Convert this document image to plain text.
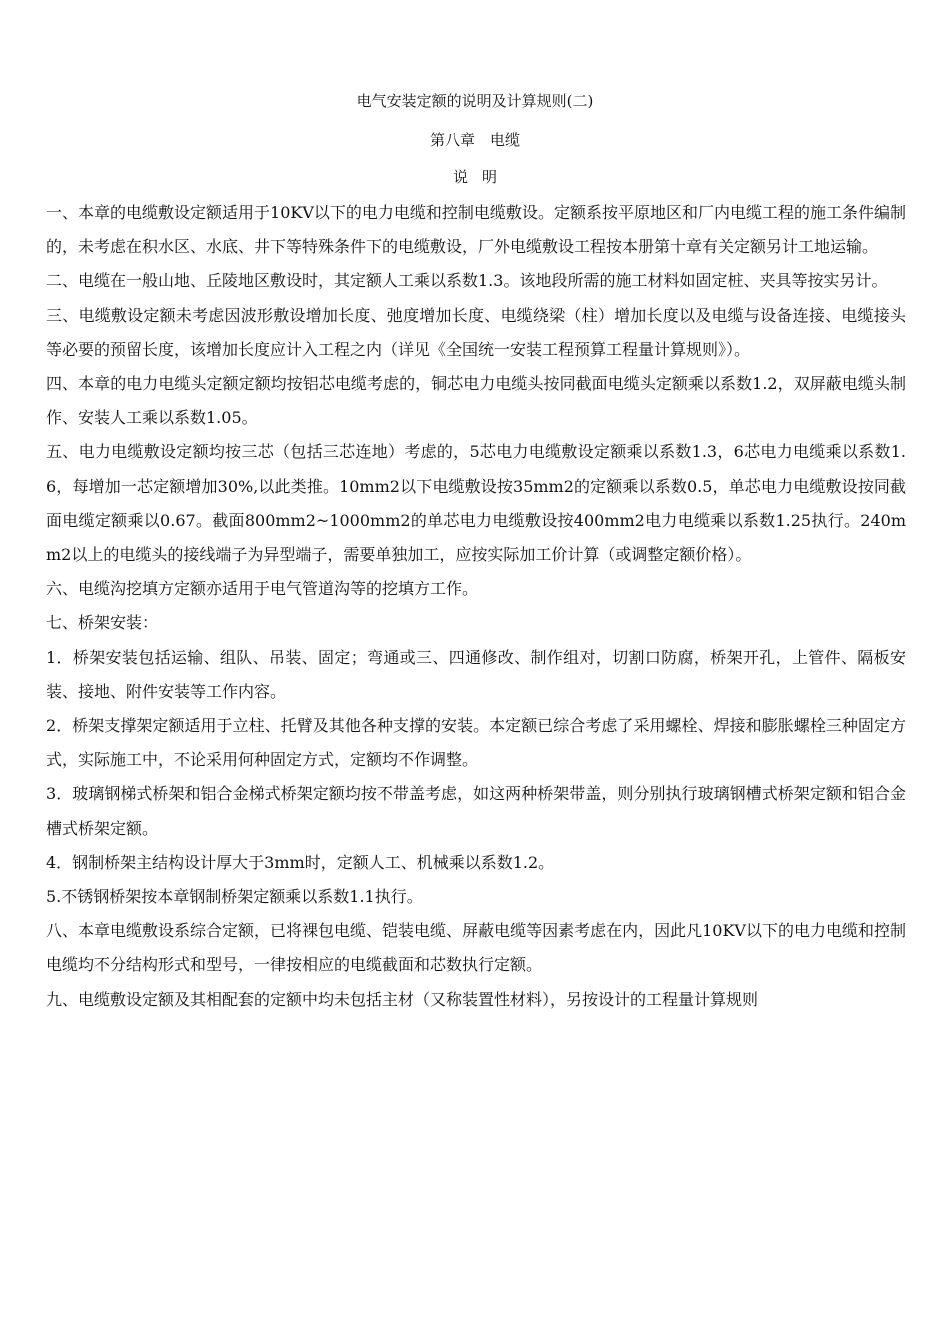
电气安装定额的说明及计算规则(二)
第八章　电缆
说明

一、本章的电缆敷设定额适用于10KV以下的电力电缆和控制电缆敷设。定额系按平原地区和厂内电缆工程的施工条件编制的，未考虑在积水区、水底、井下等特殊条件下的电缆敷设，厂外电缆敷设工程按本册第十章有关定额另计工地运输。

二、电缆在一般山地、丘陵地区敷设时，其定额人工乘以系数1.3。该地段所需的施工材料如固定桩、夹具等按实另计。

三、电缆敷设定额未考虑因波形敷设增加长度、弛度增加长度、电缆绕梁（柱）增加长度以及电缆与设备连接、电缆接头等必要的预留长度，该增加长度应计入工程之内（详见《全国统一安装工程预算工程量计算规则》）。

四、本章的电力电缆头定额定额均按铝芯电缆考虑的，铜芯电力电缆头按同截面电缆头定额乘以系数1.2，双屏蔽电缆头制作、安装人工乘以系数1.05。

五、电力电缆敷设定额均按三芯（包括三芯连地）考虑的，5芯电力电缆敷设定额乘以系数1.3，6芯电力电缆乘以系数1.6，每增加一芯定额增加30%,以此类推。10mm2以下电缆敷设按35mm2的定额乘以系数0.5，单芯电力电缆敷设按同截面电缆定额乘以0.67。截面800mm2~1000mm2的单芯电力电缆敷设按400mm2电力电缆乘以系数1.25执行。240mm2以上的电缆头的接线端子为异型端子，需要单独加工，应按实际加工价计算（或调整定额价格）。

六、电缆沟挖填方定额亦适用于电气管道沟等的挖填方工作。

七、桥架安装：

1．桥架安装包括运输、组队、吊装、固定；弯通或三、四通修改、制作组对，切割口防腐，桥架开孔，上管件、隔板安装、接地、附件安装等工作内容。

2．桥架支撑架定额适用于立柱、托臂及其他各种支撑的安装。本定额已综合考虑了采用螺栓、焊接和膨胀螺栓三种固定方式，实际施工中，不论采用何种固定方式，定额均不作调整。

3．玻璃钢梯式桥架和铝合金梯式桥架定额均按不带盖考虑，如这两种桥架带盖，则分别执行玻璃钢槽式桥架定额和铝合金槽式桥架定额。

4．钢制桥架主结构设计厚大于3mm时，定额人工、机械乘以系数1.2。

5.不锈钢桥架按本章钢制桥架定额乘以系数1.1执行。

八、本章电缆敷设系综合定额，已将裸包电缆、铠装电缆、屏蔽电缆等因素考虑在内，因此凡10KV以下的电力电缆和控制电缆均不分结构形式和型号，一律按相应的电缆截面和芯数执行定额。

九、电缆敷设定额及其相配套的定额中均未包括主材（又称装置性材料），另按设计的工程量计算规则
